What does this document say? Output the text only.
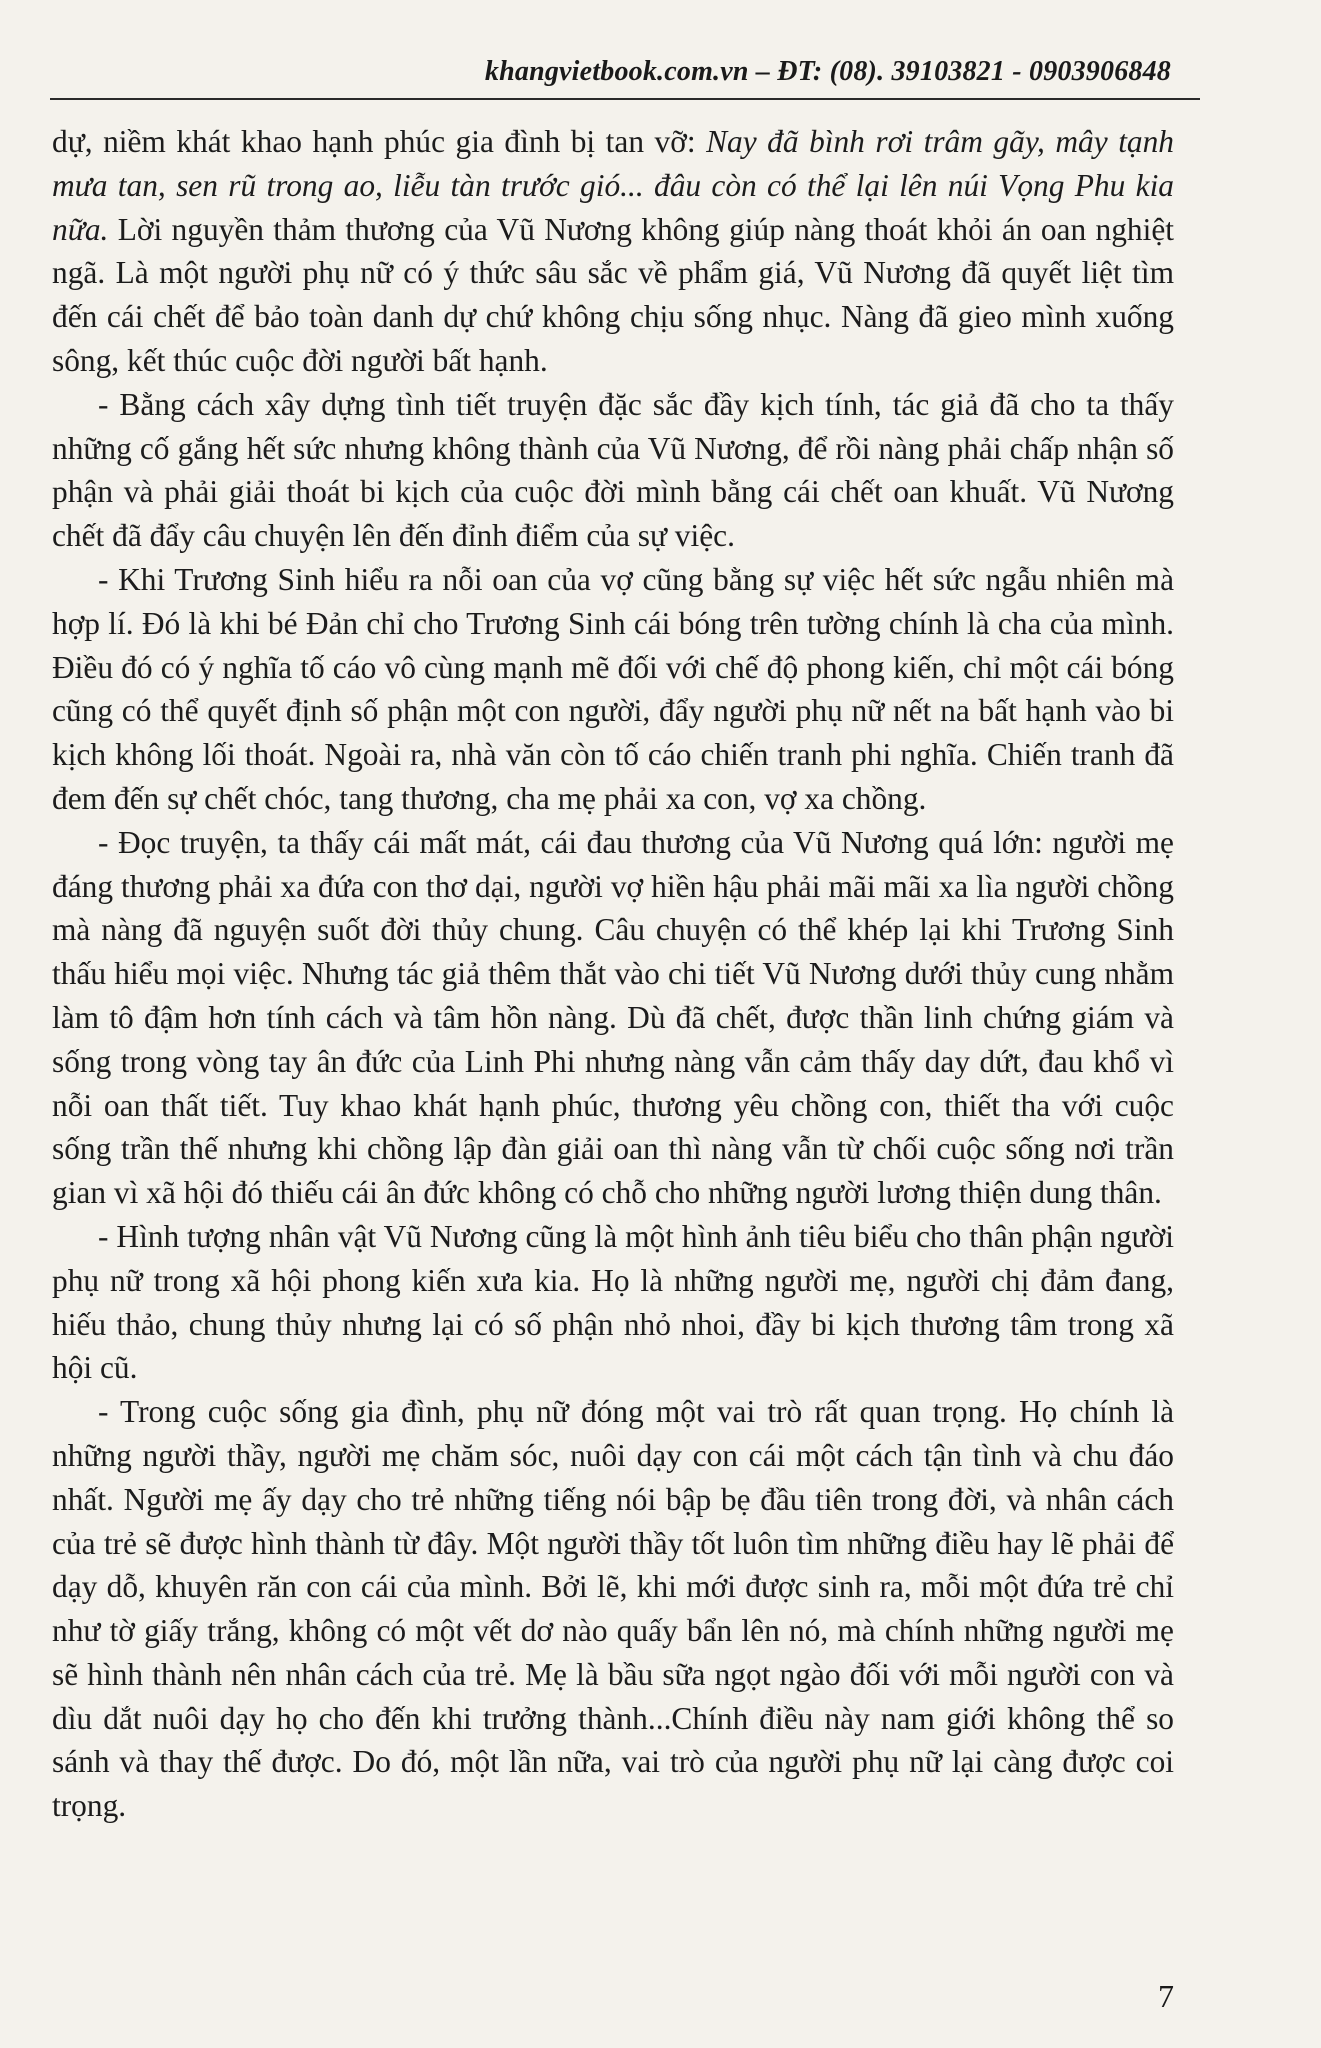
khangvietbook.com.vn – ĐT: (08). 39103821 - 0903906848

dự, niềm khát khao hạnh phúc gia đình bị tan vỡ: Nay đã bình rơi trâm gãy, mây tạnh mưa tan, sen rũ trong ao, liễu tàn trước gió... đâu còn có thể lại lên núi Vọng Phu kia nữa. Lời nguyền thảm thương của Vũ Nương không giúp nàng thoát khỏi án oan nghiệt ngã. Là một người phụ nữ có ý thức sâu sắc về phẩm giá, Vũ Nương đã quyết liệt tìm đến cái chết để bảo toàn danh dự chứ không chịu sống nhục. Nàng đã gieo mình xuống sông, kết thúc cuộc đời người bất hạnh.

- Bằng cách xây dựng tình tiết truyện đặc sắc đầy kịch tính, tác giả đã cho ta thấy những cố gắng hết sức nhưng không thành của Vũ Nương, để rồi nàng phải chấp nhận số phận và phải giải thoát bi kịch của cuộc đời mình bằng cái chết oan khuất. Vũ Nương chết đã đẩy câu chuyện lên đến đỉnh điểm của sự việc.

- Khi Trương Sinh hiểu ra nỗi oan của vợ cũng bằng sự việc hết sức ngẫu nhiên mà hợp lí. Đó là khi bé Đản chỉ cho Trương Sinh cái bóng trên tường chính là cha của mình. Điều đó có ý nghĩa tố cáo vô cùng mạnh mẽ đối với chế độ phong kiến, chỉ một cái bóng cũng có thể quyết định số phận một con người, đẩy người phụ nữ nết na bất hạnh vào bi kịch không lối thoát. Ngoài ra, nhà văn còn tố cáo chiến tranh phi nghĩa. Chiến tranh đã đem đến sự chết chóc, tang thương, cha mẹ phải xa con, vợ xa chồng.

- Đọc truyện, ta thấy cái mất mát, cái đau thương của Vũ Nương quá lớn: người mẹ đáng thương phải xa đứa con thơ dại, người vợ hiền hậu phải mãi mãi xa lìa người chồng mà nàng đã nguyện suốt đời thủy chung. Câu chuyện có thể khép lại khi Trương Sinh thấu hiểu mọi việc. Nhưng tác giả thêm thắt vào chi tiết Vũ Nương dưới thủy cung nhằm làm tô đậm hơn tính cách và tâm hồn nàng. Dù đã chết, được thần linh chứng giám và sống trong vòng tay ân đức của Linh Phi nhưng nàng vẫn cảm thấy day dứt, đau khổ vì nỗi oan thất tiết. Tuy khao khát hạnh phúc, thương yêu chồng con, thiết tha với cuộc sống trần thế nhưng khi chồng lập đàn giải oan thì nàng vẫn từ chối cuộc sống nơi trần gian vì xã hội đó thiếu cái ân đức không có chỗ cho những người lương thiện dung thân.

- Hình tượng nhân vật Vũ Nương cũng là một hình ảnh tiêu biểu cho thân phận người phụ nữ trong xã hội phong kiến xưa kia. Họ là những người mẹ, người chị đảm đang, hiếu thảo, chung thủy nhưng lại có số phận nhỏ nhoi, đầy bi kịch thương tâm trong xã hội cũ.

- Trong cuộc sống gia đình, phụ nữ đóng một vai trò rất quan trọng. Họ chính là những người thầy, người mẹ chăm sóc, nuôi dạy con cái một cách tận tình và chu đáo nhất. Người mẹ ấy dạy cho trẻ những tiếng nói bập bẹ đầu tiên trong đời, và nhân cách của trẻ sẽ được hình thành từ đây. Một người thầy tốt luôn tìm những điều hay lẽ phải để dạy dỗ, khuyên răn con cái của mình. Bởi lẽ, khi mới được sinh ra, mỗi một đứa trẻ chỉ như tờ giấy trắng, không có một vết dơ nào quấy bẩn lên nó, mà chính những người mẹ sẽ hình thành nên nhân cách của trẻ. Mẹ là bầu sữa ngọt ngào đối với mỗi người con và dìu dắt nuôi dạy họ cho đến khi trưởng thành...Chính điều này nam giới không thể so sánh và thay thế được. Do đó, một lần nữa, vai trò của người phụ nữ lại càng được coi trọng.

7
